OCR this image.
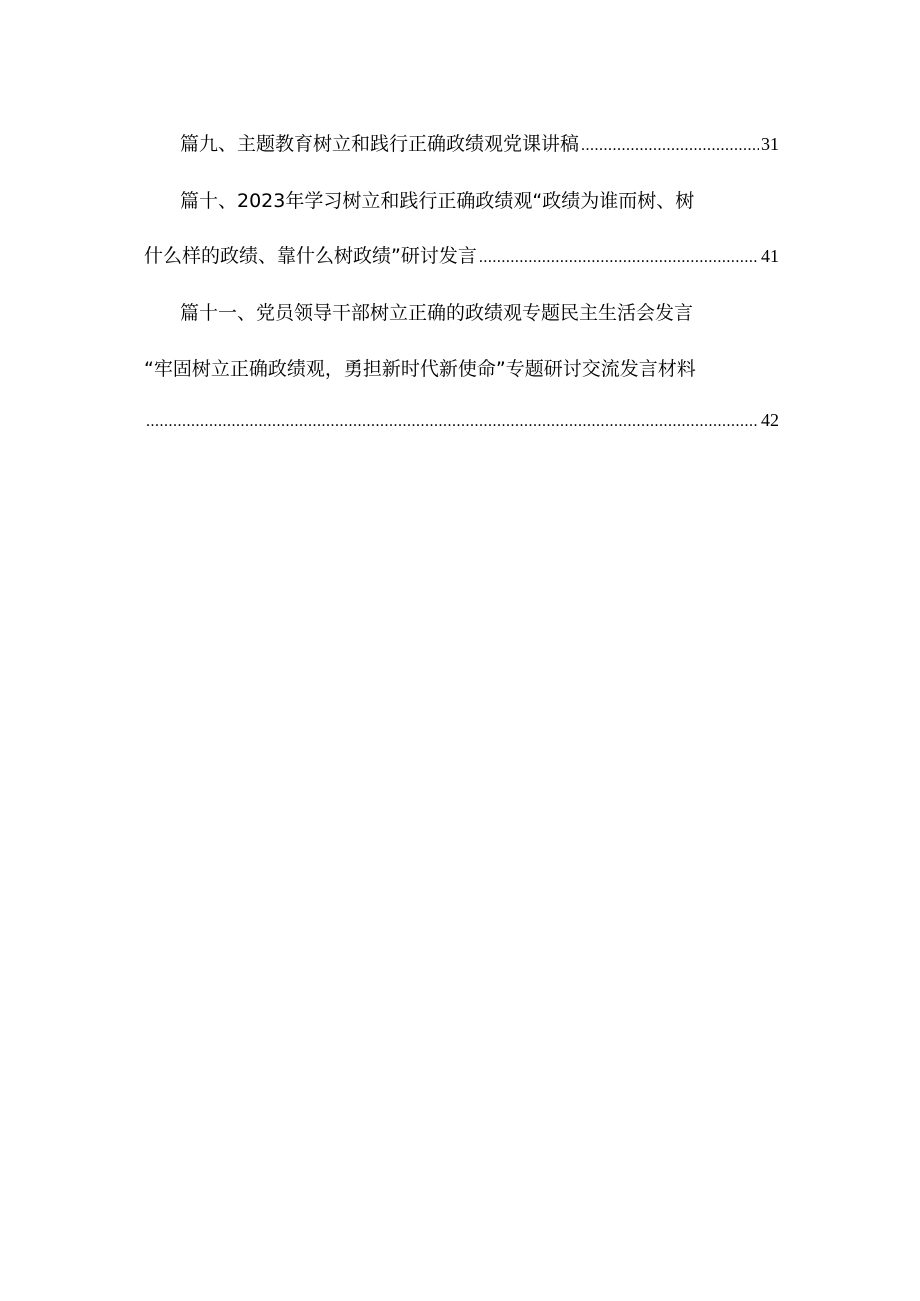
篇九、主题教育树立和践行正确政绩观党课讲稿 .....	31
篇十、2023年学习树立和践行正确政绩观“政绩为谁而树、树
什么样的政绩、靠什么树政绩”研讨发言 .....	41
篇十一、党员领导干部树立正确的政绩观专题民主生活会发言
“牢固树立正确政绩观，勇担新时代新使命”专题研讨交流发言材料
.....
42
